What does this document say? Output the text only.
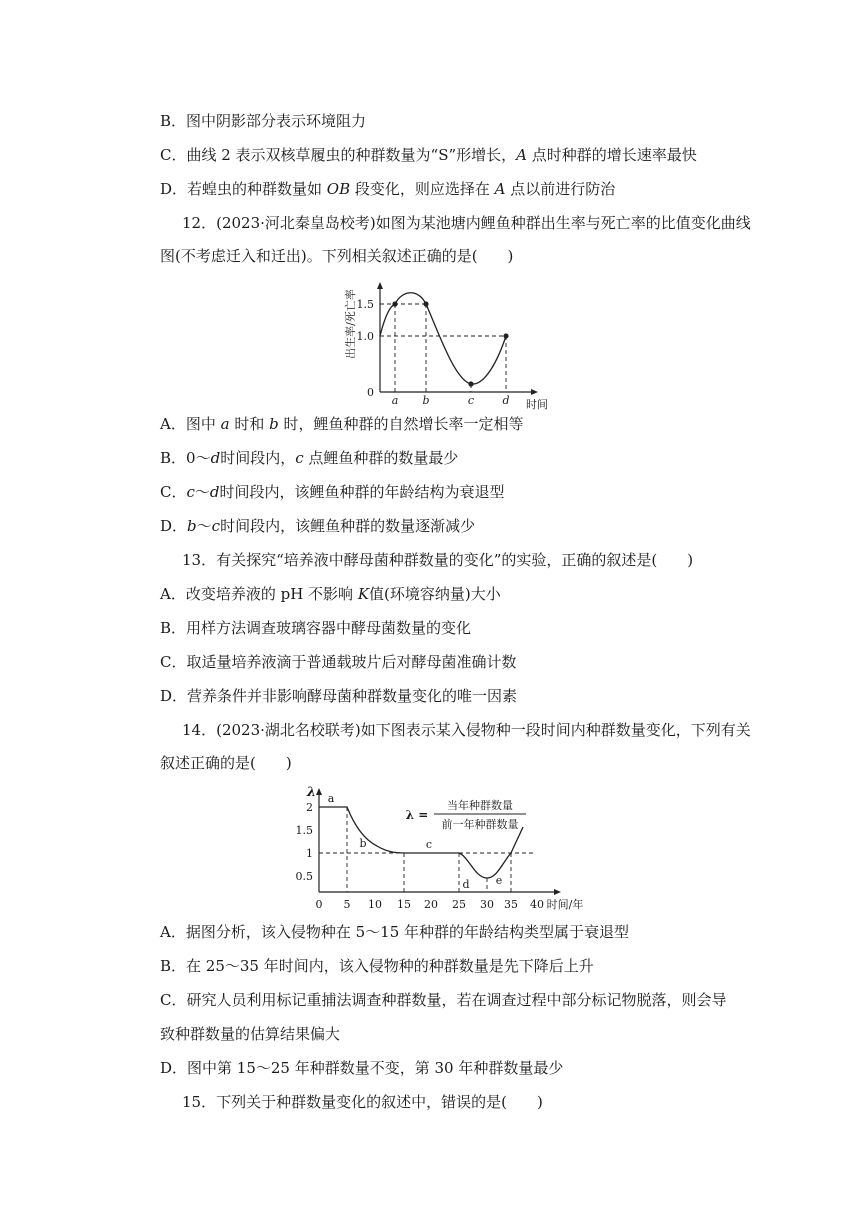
B．图中阴影部分表示环境阻力
C．曲线 2 表示双核草履虫的种群数量为“S”形增长，A 点时种群的增长速率最快
D．若蝗虫的种群数量如 OB 段变化，则应选择在 A 点以前进行防治
12．(2023·河北秦皇岛校考)如图为某池塘内鲤鱼种群出生率与死亡率的比值变化曲线
图(不考虑迁入和迁出)。下列相关叙述正确的是(　　)
1.5
1.0
0
a b	c	d 时间
出生率/死亡率
A．图中 a 时和 b 时，鲤鱼种群的自然增长率一定相等
B．0～d时间段内，c 点鲤鱼种群的数量最少
C．c～d时间段内，该鲤鱼种群的年龄结构为衰退型
D．b～c时间段内，该鲤鱼种群的数量逐渐减少
13．有关探究“培养液中酵母菌种群数量的变化”的实验，正确的叙述是(　　)
A．改变培养液的 pH 不影响 K值(环境容纳量)大小
B．用样方法调查玻璃容器中酵母菌数量的变化
C．取适量培养液滴于普通载玻片后对酵母菌准确计数
D．营养条件并非影响酵母菌种群数量变化的唯一因素
14．(2023·湖北名校联考)如下图表示某入侵物种一段时间内种群数量变化，下列有关
叙述正确的是(　　)
2
1.5
1
0.5
λ
0 5 10 15 20 25 30 35 40 时间/年
a
b	c
d e
λ =
当年种群数量
前一年种群数量
A．据图分析，该入侵物种在 5～15 年种群的年龄结构类型属于衰退型
B．在 25～35 年时间内，该入侵物种的种群数量是先下降后上升
C．研究人员利用标记重捕法调查种群数量，若在调查过程中部分标记物脱落，则会导
致种群数量的估算结果偏大
D．图中第 15～25 年种群数量不变，第 30 年种群数量最少
15．下列关于种群数量变化的叙述中，错误的是(　　)
